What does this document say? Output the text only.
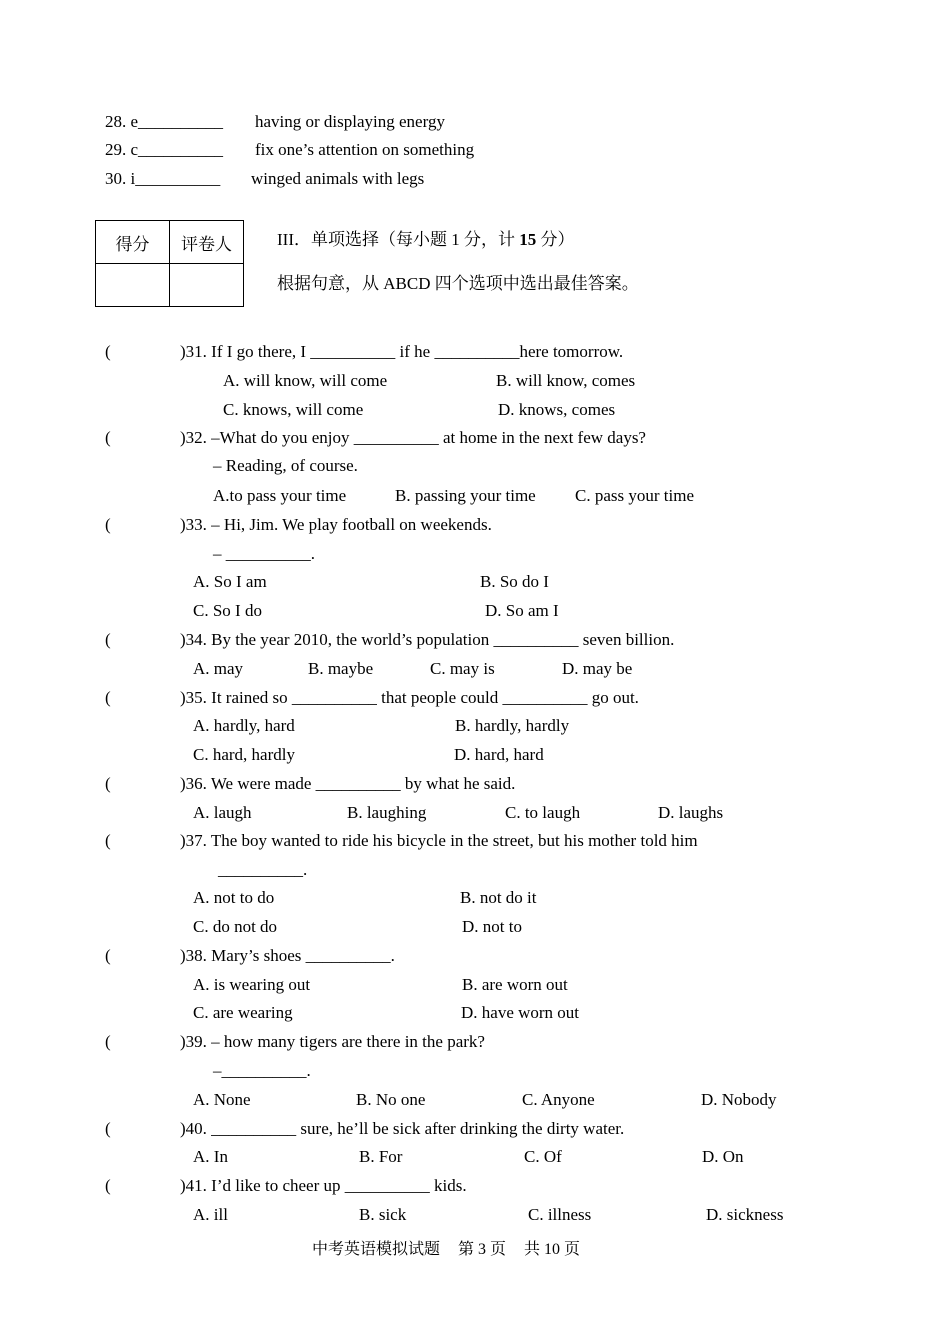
28. e__________ having or displaying energy
29. c__________ fix one’s attention on something
30. i__________ winged animals with legs
得分	评卷人
		III．单项选择（每小题 1 分，计 15 分）
根据句意，从 ABCD 四个选项中选出最佳答案。
(	)31. If I go there, I __________ if he __________here tomorrow.
A. will know, will come	B. will know, comes
C. knows, will come	D. knows, comes
(	)32. –What do you enjoy __________ at home in the next few days?
– Reading, of course.
A.to pass your time	B. passing your time C. pass your time
(	)33. – Hi, Jim. We play football on weekends.
– __________.
A. So I am	B. So do I
C. So I do	D. So am I
(	)34. By the year 2010, the world’s population __________ seven billion.
A. may	B. maybe	C. may is	D. may be
(	)35. It rained so __________ that people could __________ go out.
A. hardly, hard	B. hardly, hardly
C. hard, hardly	D. hard, hard
(	)36. We were made __________ by what he said.
A. laugh	B. laughing	C. to laugh	D. laughs
(	)37. The boy wanted to ride his bicycle in the street, but his mother told him
__________.
A. not to do	B. not do it
C. do not do	D. not to
(	)38. Mary’s shoes __________.
A. is wearing out	B. are worn out
C. are wearing	D. have worn out
(	)39. – how many tigers are there in the park?
–__________.
A. None	B. No one	C. Anyone	D. Nobody
(	)40. __________ sure, he’ll be sick after drinking the dirty water.
A. In	B. For	C. Of	D. On
(	)41. I’d like to cheer up __________ kids.
A. ill	B. sick	C. illness	D. sickness
中考英语模拟试题 第 3 页 共 10 页
